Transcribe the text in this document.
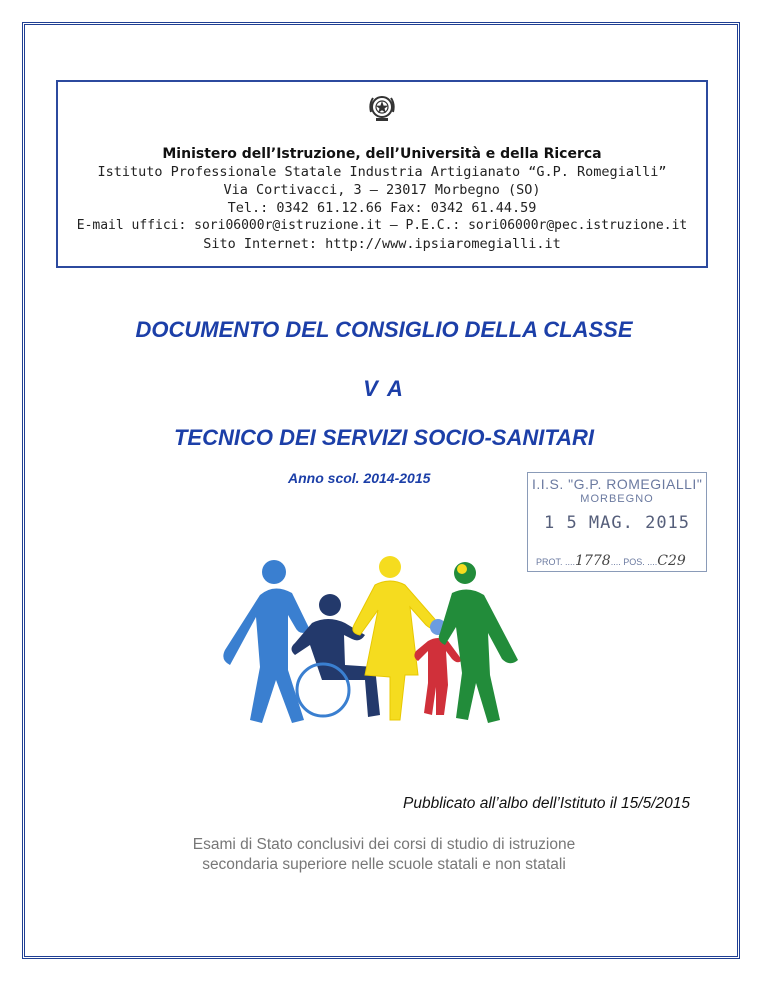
Ministero dell’Istruzione, dell’Università e della Ricerca
Istituto Professionale Statale Industria Artigianato “G.P. Romegialli”
Via Cortivacci, 3 – 23017 Morbegno (SO)
Tel.: 0342 61.12.66 Fax: 0342 61.44.59
E-mail uffici: sori06000r@istruzione.it – P.E.C.: sori06000r@pec.istruzione.it
Sito Internet: http://www.ipsiaromegialli.it
DOCUMENTO DEL CONSIGLIO DELLA CLASSE
V A
TECNICO DEI SERVIZI SOCIO-SANITARI
Anno scol. 2014-2015	I.I.S. "G.P. ROMEGIALLI"
MORBEGNO
1 5 MAG. 2015
PROT. ....1778.... POS. ....C29
Pubblicato all’albo dell’Istituto il 15/5/2015
Esami di Stato conclusivi dei corsi di studio di istruzione
secondaria superiore nelle scuole statali e non statali
